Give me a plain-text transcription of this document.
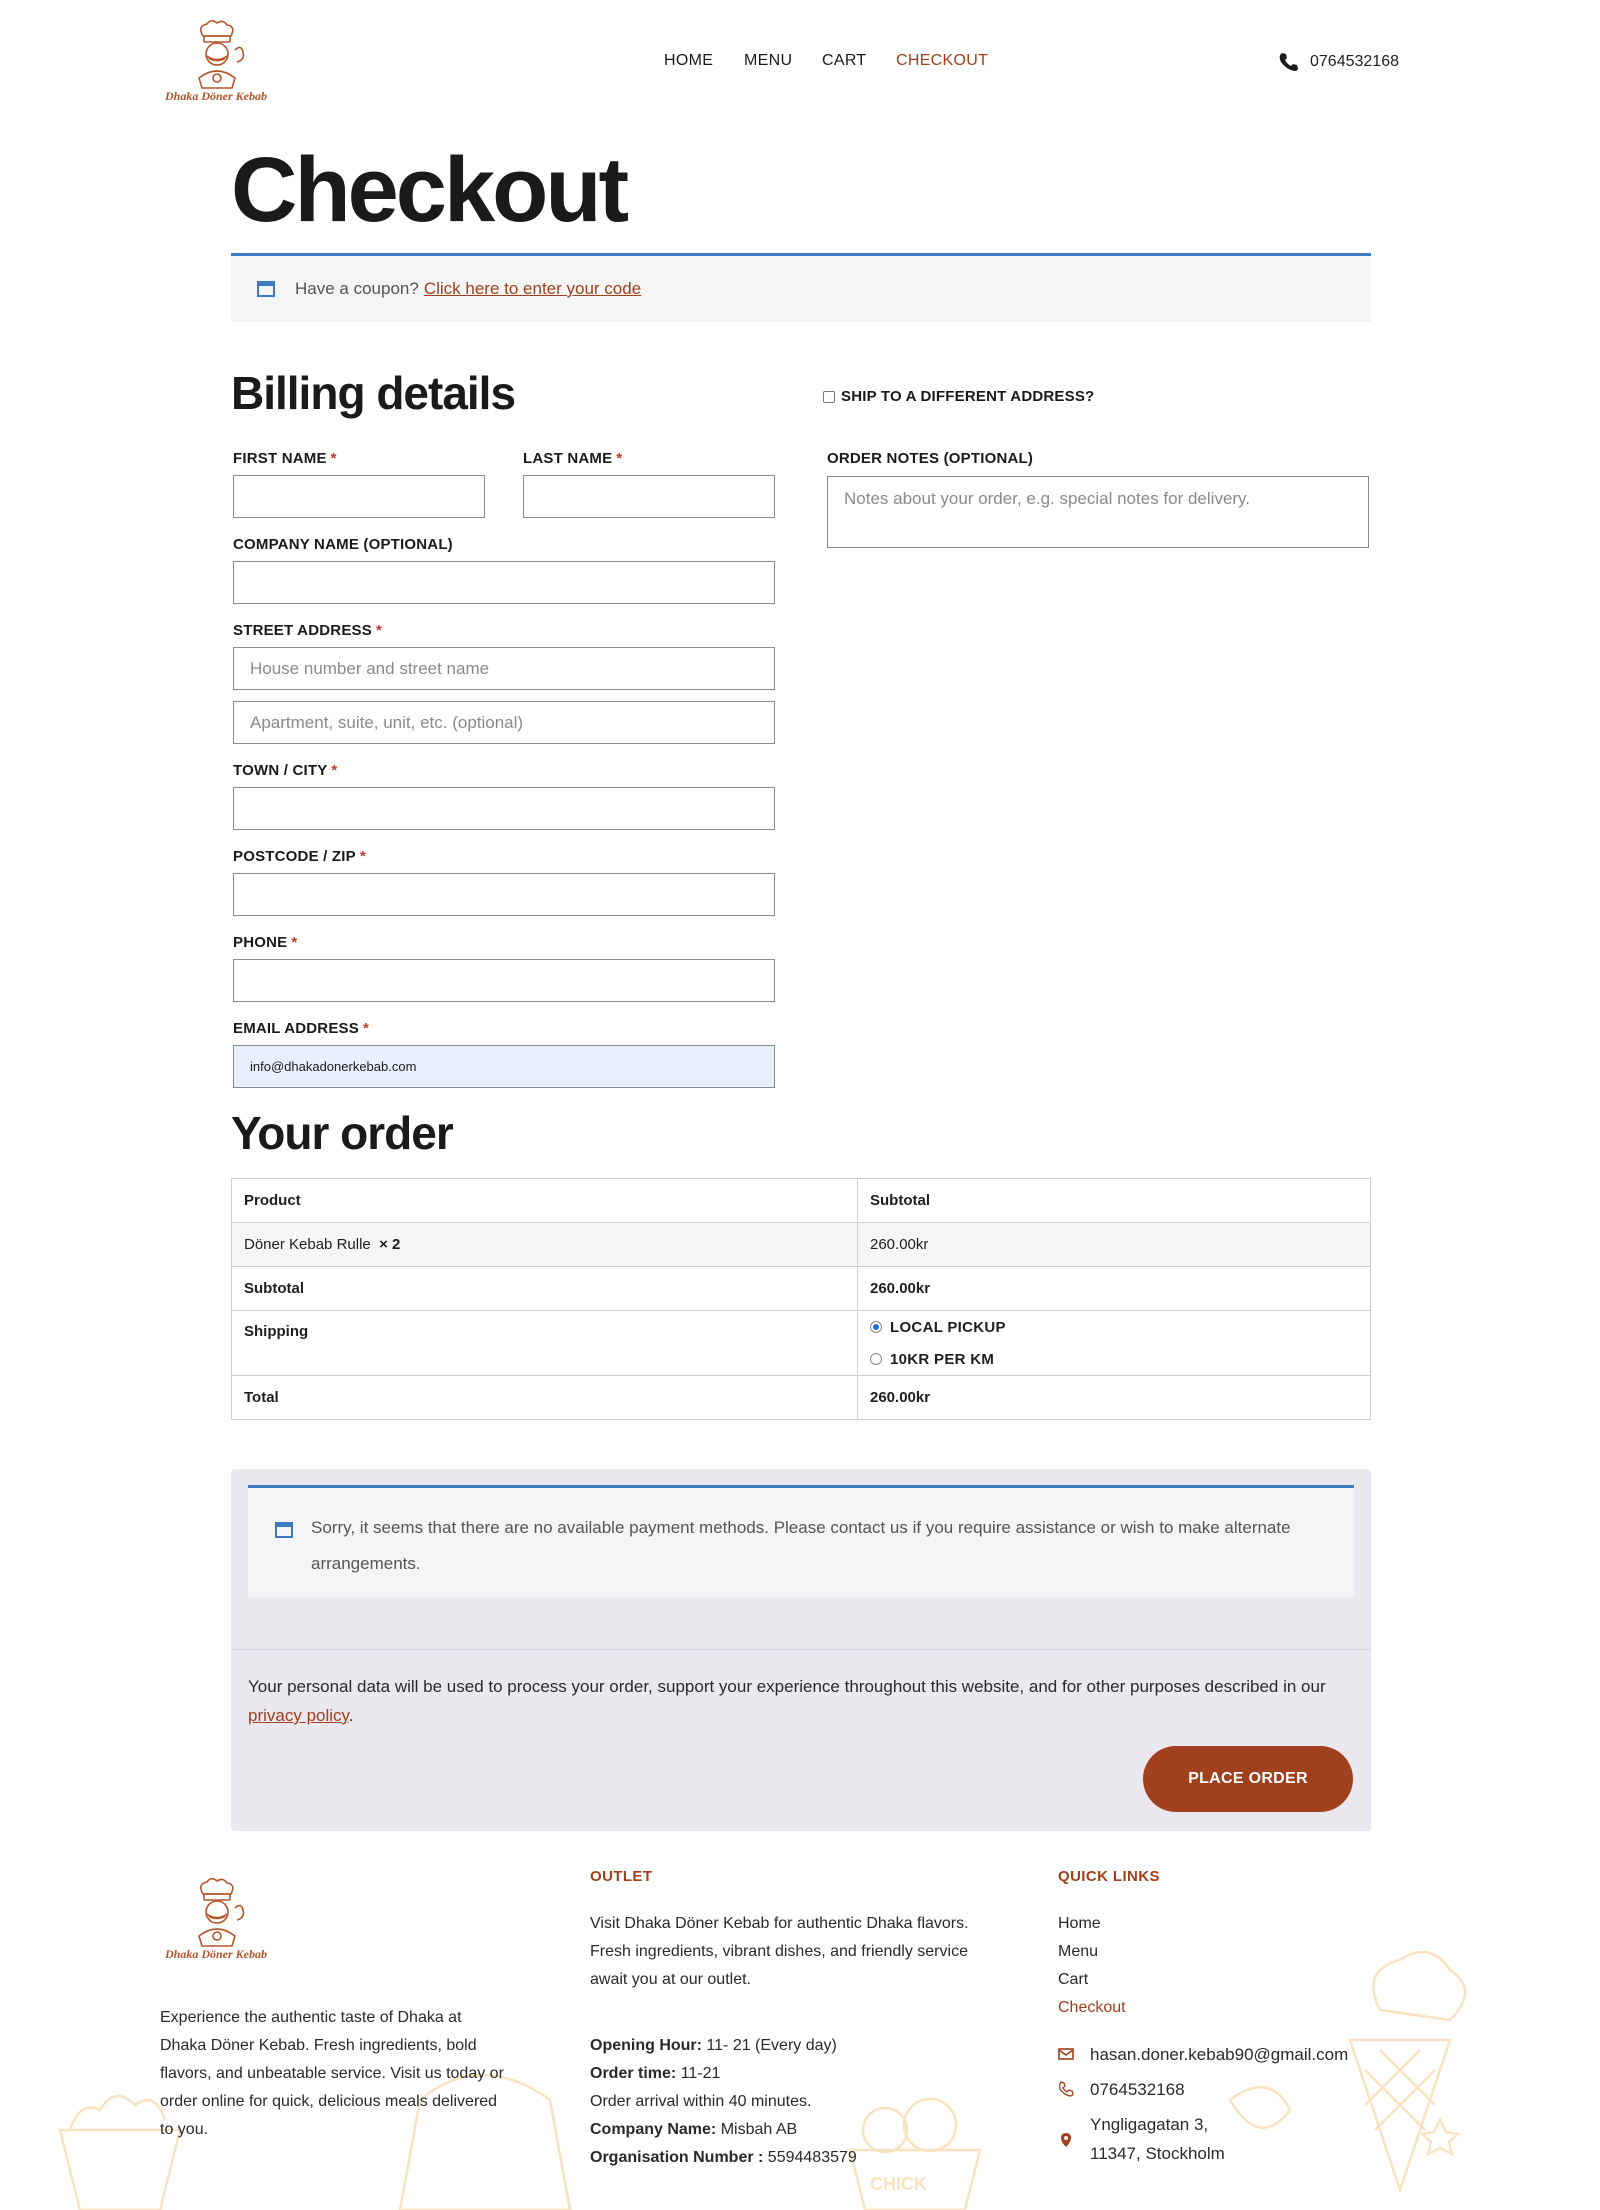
Dhaka Döner Kebab
HOME MENU CART CHECKOUT	0764532168
Checkout
Have a coupon? Click here to enter your code
Billing details	SHIP TO A DIFFERENT ADDRESS?
FIRST NAME *	LAST NAME *
COMPANY NAME (OPTIONAL)
STREET ADDRESS *
House number and street name
Apartment, suite, unit, etc. (optional)
TOWN / CITY *
POSTCODE / ZIP *
PHONE *
EMAIL ADDRESS *
info@dhakadonerkebab.com
ORDER NOTES (OPTIONAL)
Notes about your order, e.g. special notes for delivery.
Your order
Product	Subtotal
Döner Kebab Rulle × 2	260.00kr
Subtotal	260.00kr
Shipping	LOCAL PICKUP
10KR PER KM

Total	260.00kr
Sorry, it seems that there are no available payment methods. Please contact us if you require assistance or wish to make alternate arrangements.
Your personal data will be used to process your order, support your experience throughout this website, and for other purposes described in our privacy policy.
PLACE ORDER
CHICK
Dhaka Döner Kebab
Experience the authentic taste of Dhaka at Dhaka Döner Kebab. Fresh ingredients, bold flavors, and unbeatable service. Visit us today or order online for quick, delicious meals delivered to you.
OUTLET
Visit Dhaka Döner Kebab for authentic Dhaka flavors. Fresh ingredients, vibrant dishes, and friendly service await you at our outlet.
Opening Hour: 11- 21 (Every day)
Order time: 11-21
Order arrival within 40 minutes.
Company Name: Misbah AB
Organisation Number : 5594483579
QUICK LINKS
Home
Menu
Cart
Checkout
hasan.doner.kebab90@gmail.com
0764532168
Yngligagatan 3,
11347, Stockholm
